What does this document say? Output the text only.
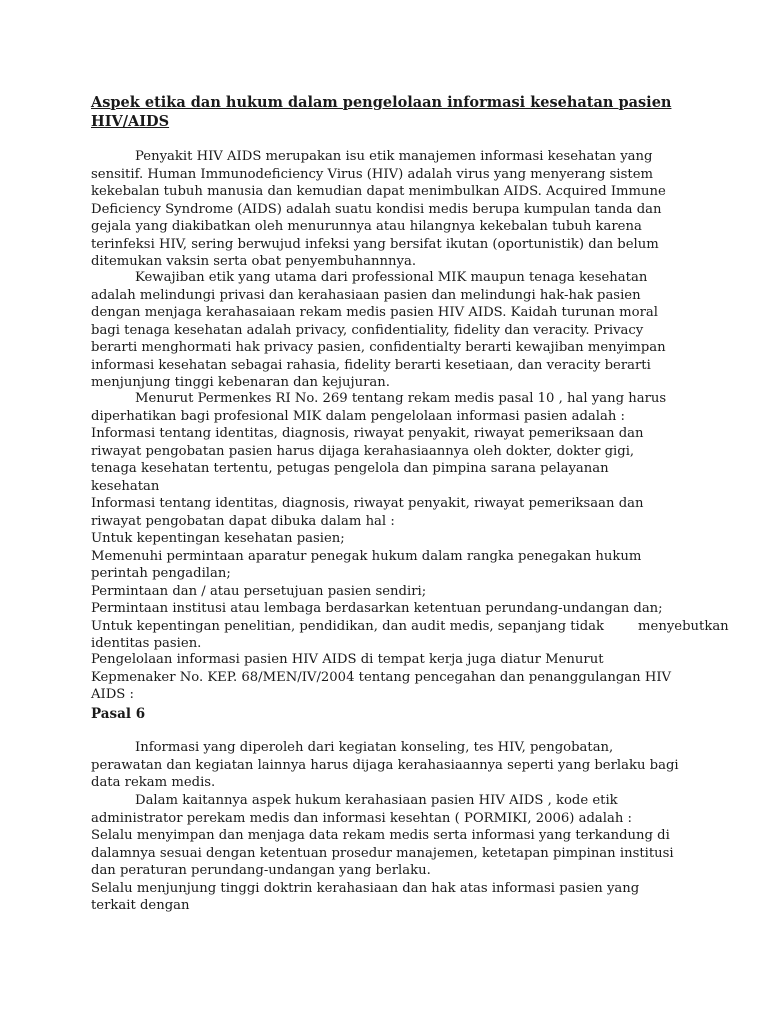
Aspek etika dan hukum dalam pengelolaan informasi kesehatan pasien HIV/AIDS
Penyakit HIV AIDS merupakan isu etik manajemen informasi kesehatan yang sensitif. Human Immunodeficiency Virus (HIV) adalah virus yang menyerang sistem kekebalan tubuh manusia dan kemudian dapat menimbulkan AIDS. Acquired Immune Deficiency Syndrome (AIDS) adalah suatu kondisi medis berupa kumpulan tanda dan gejala yang diakibatkan oleh menurunnya atau hilangnya kekebalan tubuh karena terinfeksi HIV, sering berwujud infeksi yang bersifat ikutan (oportunistik) dan belum ditemukan vaksin serta obat penyembuhannnya.
Kewajiban etik yang utama dari professional MIK maupun tenaga kesehatan adalah melindungi privasi dan kerahasiaan pasien dan melindungi hak-hak pasien dengan menjaga kerahasaiaan rekam medis pasien HIV AIDS. Kaidah turunan moral bagi tenaga kesehatan adalah privacy, confidentiality, fidelity dan veracity. Privacy berarti menghormati hak privacy pasien, confidentialty berarti kewajiban menyimpan informasi kesehatan sebagai rahasia, fidelity berarti kesetiaan, dan veracity berarti menjunjung tinggi kebenaran dan kejujuran.

Menurut Permenkes RI No. 269 tentang rekam medis pasal 10 , hal yang harus diperhatikan bagi profesional MIK dalam pengelolaan informasi pasien adalah :

Informasi tentang identitas, diagnosis, riwayat penyakit, riwayat pemeriksaan dan riwayat pengobatan pasien harus dijaga kerahasiaannya oleh dokter, dokter gigi, tenaga kesehatan tertentu, petugas pengelola dan pimpina sarana pelayanan kesehatan

Informasi tentang identitas, diagnosis, riwayat penyakit, riwayat pemeriksaan dan riwayat pengobatan dapat dibuka dalam hal :

Untuk kepentingan kesehatan pasien;

Memenuhi permintaan aparatur penegak hukum dalam rangka penegakan hukum perintah pengadilan;

Permintaan dan / atau persetujuan pasien sendiri;

Permintaan institusi atau lembaga berdasarkan ketentuan perundang-undangan dan;

Untuk kepentingan penelitian, pendidikan, dan audit medis, sepanjang tidak	menyebutkan

identitas pasien.

Pengelolaan informasi pasien HIV AIDS di tempat kerja juga diatur Menurut Kepmenaker No. KEP. 68/MEN/IV/2004 tentang pencegahan dan penanggulangan HIV AIDS :
Pasal 6
Informasi yang diperoleh dari kegiatan konseling, tes HIV, pengobatan, perawatan dan kegiatan lainnya harus dijaga kerahasiaannya seperti yang berlaku bagi data rekam medis.

Dalam kaitannya aspek hukum kerahasiaan pasien HIV AIDS , kode etik administrator perekam medis dan informasi kesehtan ( PORMIKI, 2006) adalah :

Selalu menyimpan dan menjaga data rekam medis serta informasi yang terkandung di dalamnya sesuai dengan ketentuan prosedur manajemen, ketetapan pimpinan institusi dan peraturan perundang-undangan yang berlaku.

Selalu menjunjung tinggi doktrin kerahasiaan dan hak atas informasi pasien yang terkait dengan
